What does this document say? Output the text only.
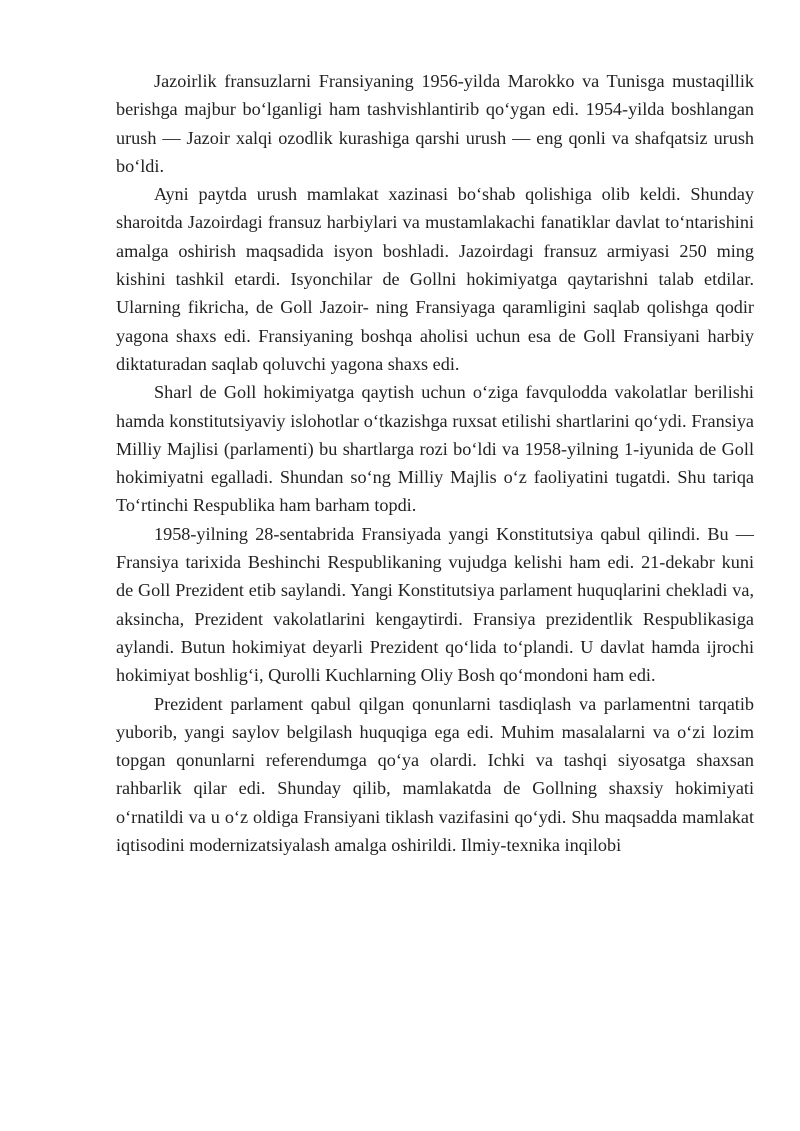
Jazoirlik fransuzlarni Fransiyaning 1956-yilda Marokko va Tunisga mustaqillik berishga majbur bo‘lganligi ham tashvishlantirib qo‘ygan edi. 1954-yilda boshlangan urush — Jazoir xalqi ozodlik kurashiga qarshi urush — eng qonli va shafqatsiz urush bo‘ldi.

Ayni paytda urush mamlakat xazinasi bo‘shab qolishiga olib keldi. Shunday sharoitda Jazoirdagi fransuz harbiylari va mustamlakachi fanatiklar davlat to‘ntarishini amalga oshirish maqsadida isyon boshladi. Jazoirdagi fransuz armiyasi 250 ming kishini tashkil etardi. Isyonchilar de Gollni hokimiyatga qaytarishni talab etdilar. Ularning fikricha, de Goll Jazoir- ning Fransiyaga qaramligini saqlab qolishga qodir yagona shaxs edi. Fransiyaning boshqa aholisi uchun esa de Goll Fransiyani harbiy diktaturadan saqlab qoluvchi yagona shaxs edi.

Sharl de Goll hokimiyatga qaytish uchun o‘ziga favqulodda vakolatlar berilishi hamda konstitutsiyaviy islohotlar o‘tkazishga ruxsat etilishi shartlarini qo‘ydi. Fransiya Milliy Majlisi (parlamenti) bu shartlarga rozi bo‘ldi va 1958-yilning 1-iyunida de Goll hokimiyatni egalladi. Shundan so‘ng Milliy Majlis o‘z faoliyatini tugatdi. Shu tariqa To‘rtinchi Respublika ham barham topdi.

1958-yilning 28-sentabrida Fransiyada yangi Konstitutsiya qabul qilindi. Bu — Fransiya tarixida Beshinchi Respublikaning vujudga kelishi ham edi. 21-dekabr kuni de Goll Prezident etib saylandi. Yangi Konstitutsiya parlament huquqlarini chekladi va, aksincha, Prezident vakolatlarini kengaytirdi. Fransiya prezidentlik Respublikasiga aylandi. Butun hokimiyat deyarli Prezident qo‘lida to‘plandi. U davlat hamda ijrochi hokimiyat boshlig‘i, Qurolli Kuchlarning Oliy Bosh qo‘mondoni ham edi.

Prezident parlament qabul qilgan qonunlarni tasdiqlash va parlamentni tarqatib yuborib, yangi saylov belgilash huquqiga ega edi. Muhim masalalarni va o‘zi lozim topgan qonunlarni referendumga qo‘ya olardi. Ichki va tashqi siyosatga shaxsan rahbarlik qilar edi. Shunday qilib, mamlakatda de Gollning shaxsiy hokimiyati o‘rnatildi va u o‘z oldiga Fransiyani tiklash vazifasini qo‘ydi. Shu maqsadda mamlakat iqtisodini modernizatsiyalash amalga oshirildi. Ilmiy-texnika inqilobi
